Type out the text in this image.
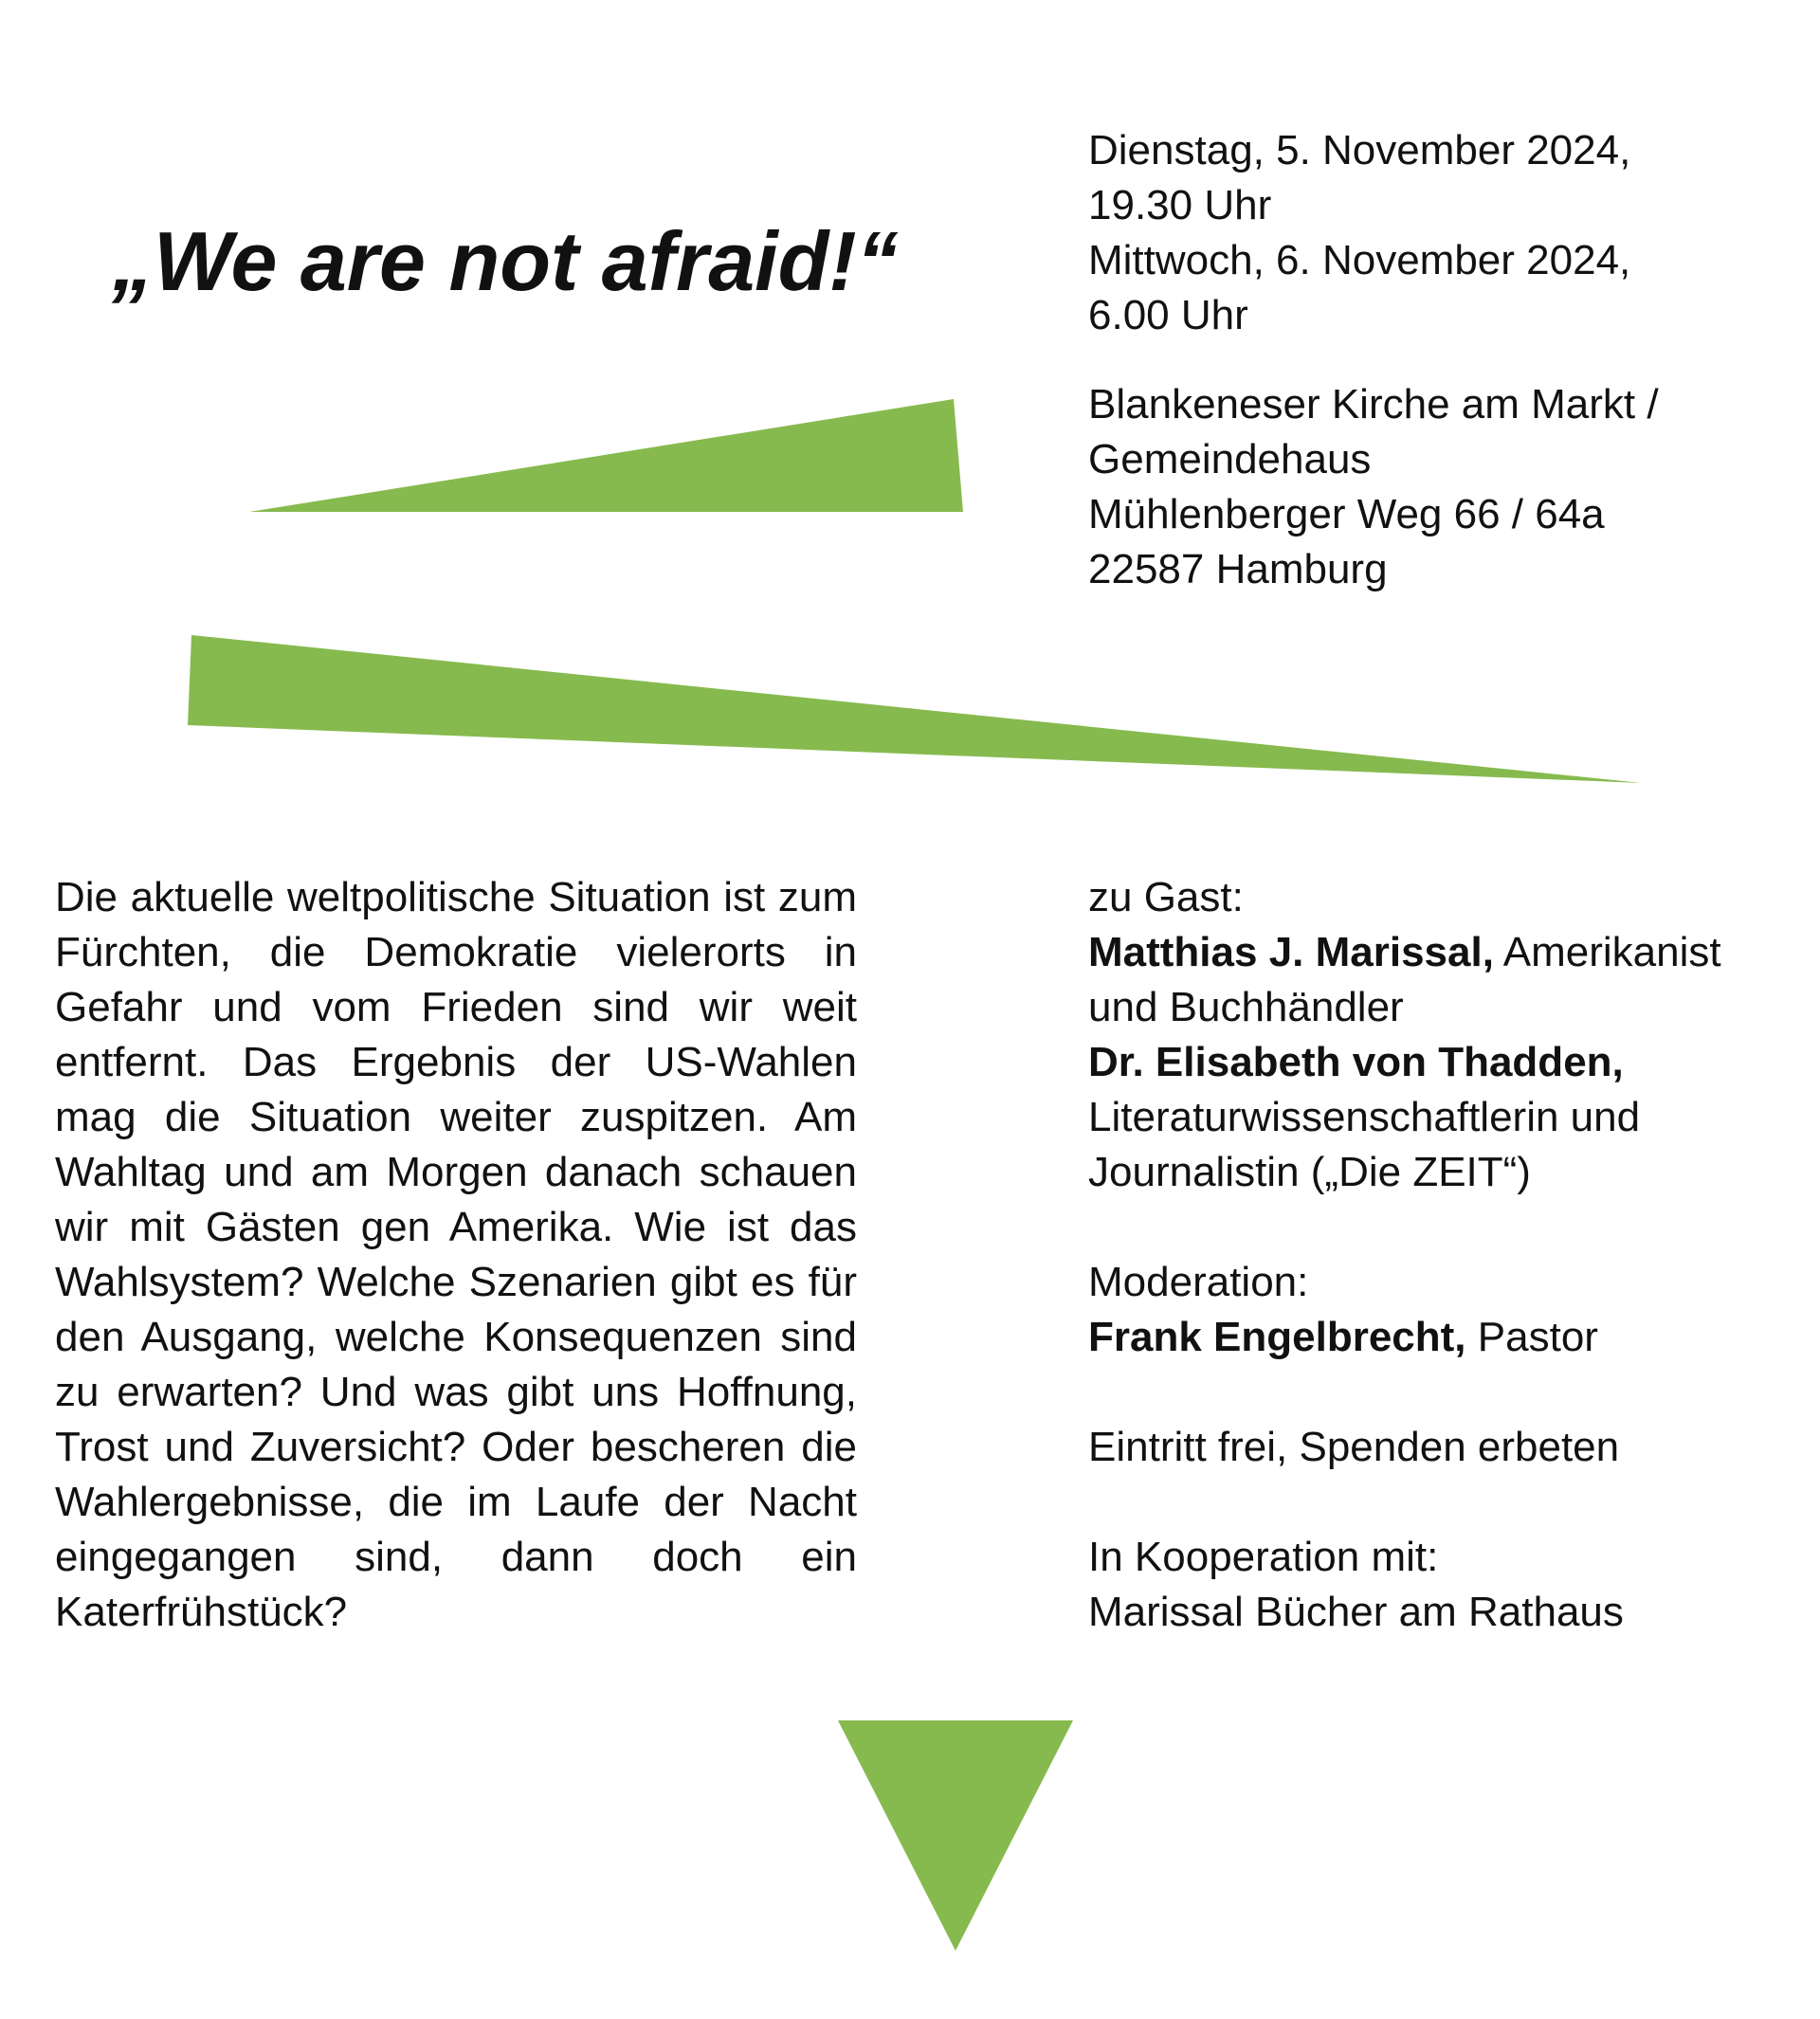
„We are not afraid!“
Dienstag, 5. November 2024,
19.30 Uhr
Mittwoch, 6. November 2024,
6.00 Uhr
Blankeneser Kirche am Markt /
Gemeindehaus
Mühlenberger Weg 66 / 64a
22587 Hamburg

Die aktuelle weltpolitische Situation ist zum Fürchten, die Demokratie vielerorts in Gefahr und vom Frieden sind wir weit entfernt. Das Ergebnis der US-Wahlen mag die Situation weiter zuspitzen. Am Wahltag und am Morgen danach schauen wir mit Gästen gen Amerika. Wie ist das Wahlsystem? Welche Szenarien gibt es für den Ausgang, welche Konsequenzen sind zu erwarten? Und was gibt uns Hoffnung, Trost und Zuversicht? Oder bescheren die Wahlergebnisse, die im Laufe der Nacht eingegangen sind, dann doch ein Katerfrühstück?

zu Gast:
Matthias J. Marissal, Amerikanist
und Buchhändler
Dr. Elisabeth von Thadden,
Literaturwissenschaftlerin und
Journalistin („Die ZEIT“)
Moderation:
Frank Engelbrecht, Pastor
Eintritt frei, Spenden erbeten
In Kooperation mit:
Marissal Bücher am Rathaus
